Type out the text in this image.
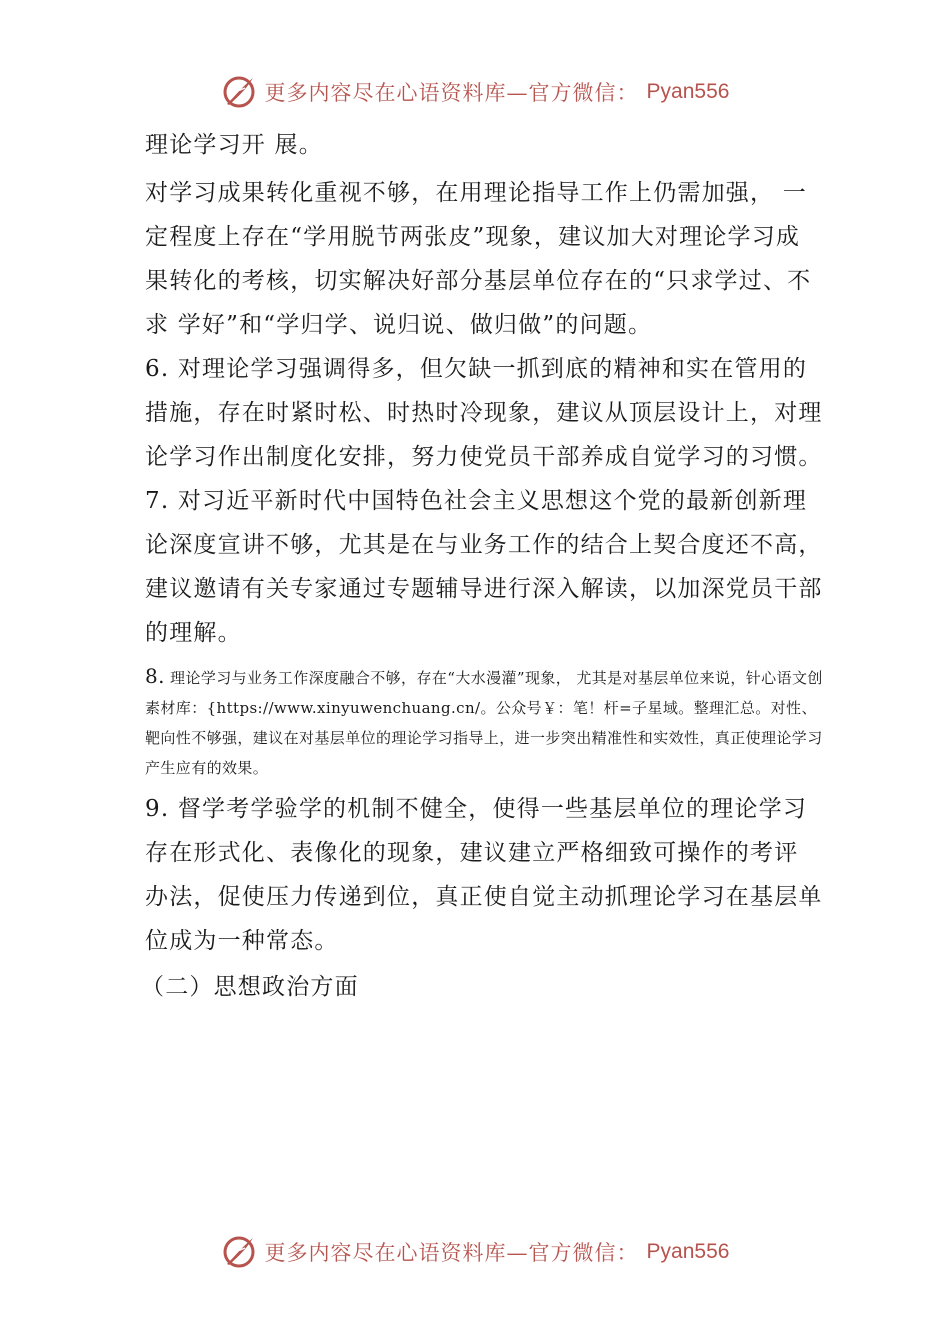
更多内容尽在心语资料库—官方微信： Pyan556

理论学习开 展。

对学习成果转化重视不够，在用理论指导工作上仍需加强， 一定程度上存在“学用脱节两张皮”现象，建议加大对理论学习成 果转化的考核，切实解决好部分基层单位存在的“只求学过、不求 学好”和“学归学、说归说、做归做”的问题。

6. 对理论学习强调得多，但欠缺一抓到底的精神和实在管用的措施，存在时紧时松、时热时冷现象，建议从顶层设计上，对理论学习作出制度化安排，努力使党员干部养成自觉学习的习惯。

7. 对习近平新时代中国特色社会主义思想这个党的最新创新理论深度宣讲不够，尤其是在与业务工作的结合上契合度还不高， 建议邀请有关专家通过专题辅导进行深入解读，以加深党员干部的理解。

8. 理论学习与业务工作深度融合不够，存在“大水漫灌”现象， 尤其是对基层单位来说，针心语文创素材库：{https://www.xinyuwenchuang.cn/。公众号￥：笔！杆=子星域。整理汇总。对性、靶向性不够强，建议在对基层单位的理论学习指导上，进一步突出精准性和实效性，真正使理论学习产生应有的效果。

9. 督学考学验学的机制不健全，使得一些基层单位的理论学习存在形式化、表像化的现象，建议建立严格细致可操作的考评 办法，促使压力传递到位，真正使自觉主动抓理论学习在基层单 位成为一种常态。

（二）思想政治方面

更多内容尽在心语资料库—官方微信： Pyan556
